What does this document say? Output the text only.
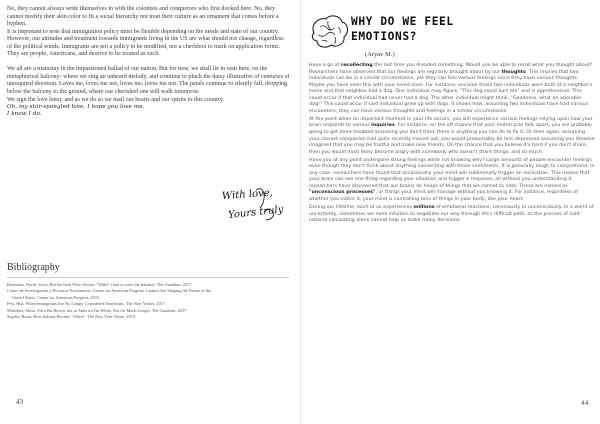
No, they cannot always write themselves in with the colonists and conquerors who first docked here. No, they cannot modify their skin color to fit a social hierarchy not treat their culture as an ornament that comes before a hyphen.

It is important to note that immigration policy must be flexible depending on the needs and state of our country. However, our attitudes and treatment towards immigrants living in the US are what should not change, regardless of the political winds. Immigrants are not a policy to be modified, nor a checkbox to mark on application forms. They are people, Americans, and deserve to be treated as such.

We all are a mainstay in the impassioned ballad of our nation. But for now, we shall lie in wait here, on the metaphorical balcony- where we sing an unheard melody, and continue to pluck the daisy illustrative of centuries of unrequited devotion. Loves me, loves me not, loves me, loves me not. The petals continue to silently fall, dropping below the balcony to the ground, where our cherished one will walk tomorrow.

We sign the love letter, and as we do so we mail our hearts and our spirits to this country.

Oh, my star-spangled love, I hope you love me.

I know I do.

With love,
Yours truly
Bibliography
Bernstein, David. Sorry, But the Irish Were Always "White" (and so were the Italians). The Guardian, 2017.
Centro de Investigación y Docencia Económicas. Center for American Progress. Latinos Are Shaping the Future of the
United States. Center for American Progress, 2015.
Pew, Hua. When Immigrants Are No Longer Considered Americans. The New Yorker, 2017.
Malsdnet, Alexa. I'm a Bit Brown, but in America I'm White. Not for Much Longer. The Guardian, 2017.
Staples, Brent. How Italians Became "White". The New York Times, 2019.
43
WHY DO WE FEEL
EMOTIONS?

(Aryav M.)

Have a go at recollecting the last time you dreaded something. Would you be able to recall what you thought about? Researchers have observed that our feelings are regularly brought about by our thoughts. This implies that two individuals can be in a similar circumstance, yet they can feel various feelings since they have various thoughts. Maybe you have seen this with your loved ones. For instance, envision those two individuals were both at a neighbor's home and that neighbor had a dog. One individual may figure, "This dog could hurt me" and is apprehensive. This could occur if that individual had never had a dog. The other individual might think, "Goodness, what an adorable dog!" This could occur if said individual grew up with dogs. It shows how, assuming two individuals have had various encounters, they can have various thoughts and feelings in a similar circumstance.

At the point when an important moment in your life occurs, you will experience various feelings relying upon how your brain responds to various inquiries. For instance, on the off chance that your motorcycle falls apart, you are probably going to get more troubled assuming you don't think there is anything you can do to fix it. Or then again, assuming your closest companion had quite recently moved out, you would presumably be less depressed assuming you likewise imagined that you may be fruitful and make new friends. On the chance that you believe it's hard if you don't share, then you would most likely become angry with somebody who doesn't share things, and so much.

Have you at any point undergone strong feelings while not knowing why? Large amounts of people encounter feelings even though they don't think about anything connecting with those sentiments. It is generally tough to comprehend. In any case, researchers have found that occasionally your mind will subliminally trigger an inclination. This means that your brain can see one thing regarding your situation and trigger a response, all without you understanding it. researchers have discovered that our brains do heaps of things that we cannot to note. These are named as "unconscious processes", or things your mind will manage without you knowing it. For instance, regardless of whether you notice it, your mind is controlling tons of things in your body, like your heart.

During our lifetime, each of us experiences millions of emotional reactions, consciously or unconsciously. In a world of uncertainty, sometimes we need intuition to negotiate our way through life's difficult path, as the process of cold rational calculating alone cannot help us make many decisions.

44
